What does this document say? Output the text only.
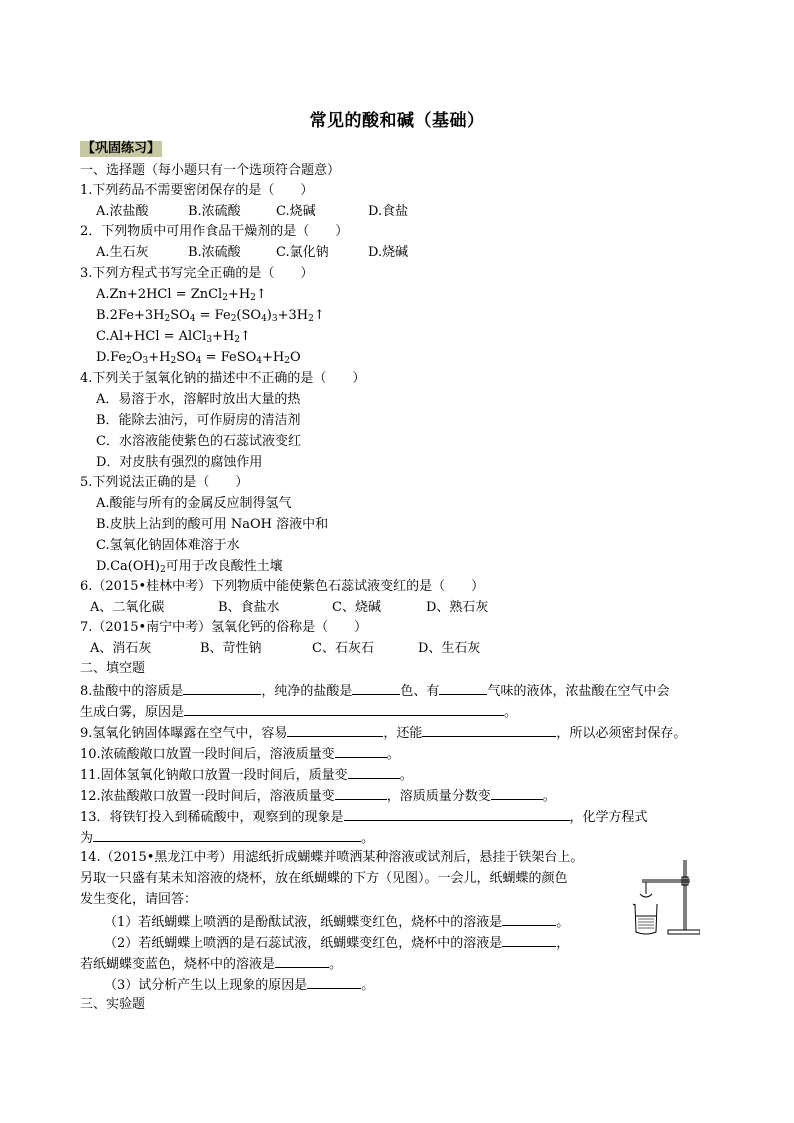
常见的酸和碱（基础）
【巩固练习】
一、选择题（每小题只有一个选项符合题意）
1.下列药品不需要密闭保存的是（　　）
A.浓盐酸	B.浓硫酸	C.烧碱	D.食盐
2．下列物质中可用作食品干燥剂的是（　　）
A.生石灰	B.浓硫酸	C.氯化钠	D.烧碱
3.下列方程式书写完全正确的是（　　）
$A.Zn+2HCl = ZnCl_2+H_2↑$
$B.2Fe+3H_2SO_4$ = $Fe_2(SO_4)_3+3H_2↑$
$C.Al+HCl = AlCl_3+H_2↑$
$D.Fe_2O_3+H_2SO_4$ = $FeSO_4+H_2O$
4.下列关于氢氧化钠的描述中不正确的是（　　）
A．易溶于水，溶解时放出大量的热
B．能除去油污，可作厨房的清洁剂
C．水溶液能使紫色的石蕊试液变红
D．对皮肤有强烈的腐蚀作用
5.下列说法正确的是（　　）
A.酸能与所有的金属反应制得氢气
B.皮肤上沾到的酸可用 NaOH 溶液中和
C.氢氧化钠固体难溶于水
$D.Ca(OH)_2$可用于改良酸性土壤
6.（2015•桂林中考）下列物质中能使紫色石蕊试液变红的是（　　）
A、二氧化碳	B、食盐水	C、烧碱	D、熟石灰
7.（2015•南宁中考）氢氧化钙的俗称是（　　）
A、消石灰	B、苛性钠	C、石灰石	D、生石灰
二、填空题
8.盐酸中的溶质是	，纯净的盐酸是	色、有	气味的液体，浓盐酸在空气中会
生成白雾，原因是	。
9.氢氧化钠固体曝露在空气中，容易	，还能	，所以必须密封保存。
10.浓硫酸敞口放置一段时间后，溶液质量变	。
11.固体氢氧化钠敞口放置一段时间后，质量变	。
12.浓盐酸敞口放置一段时间后，溶液质量变	，溶质质量分数变	。
13．将铁钉投入到稀硫酸中，观察到的现象是	，化学方程式
为	。
14.（2015•黑龙江中考）用滤纸折成蝴蝶并喷洒某种溶液或试剂后，悬挂于铁架台上。
另取一只盛有某未知溶液的烧杯，放在纸蝴蝶的下方（见图）。一会儿，纸蝴蝶的颜色
发生变化，请回答：
（1）若纸蝴蝶上喷洒的是酚酞试液，纸蝴蝶变红色，烧杯中的溶液是	。
（2）若纸蝴蝶上喷洒的是石蕊试液，纸蝴蝶变红色，烧杯中的溶液是	，
若纸蝴蝶变蓝色，烧杯中的溶液是	。
（3）试分析产生以上现象的原因是	。
三、实验题
